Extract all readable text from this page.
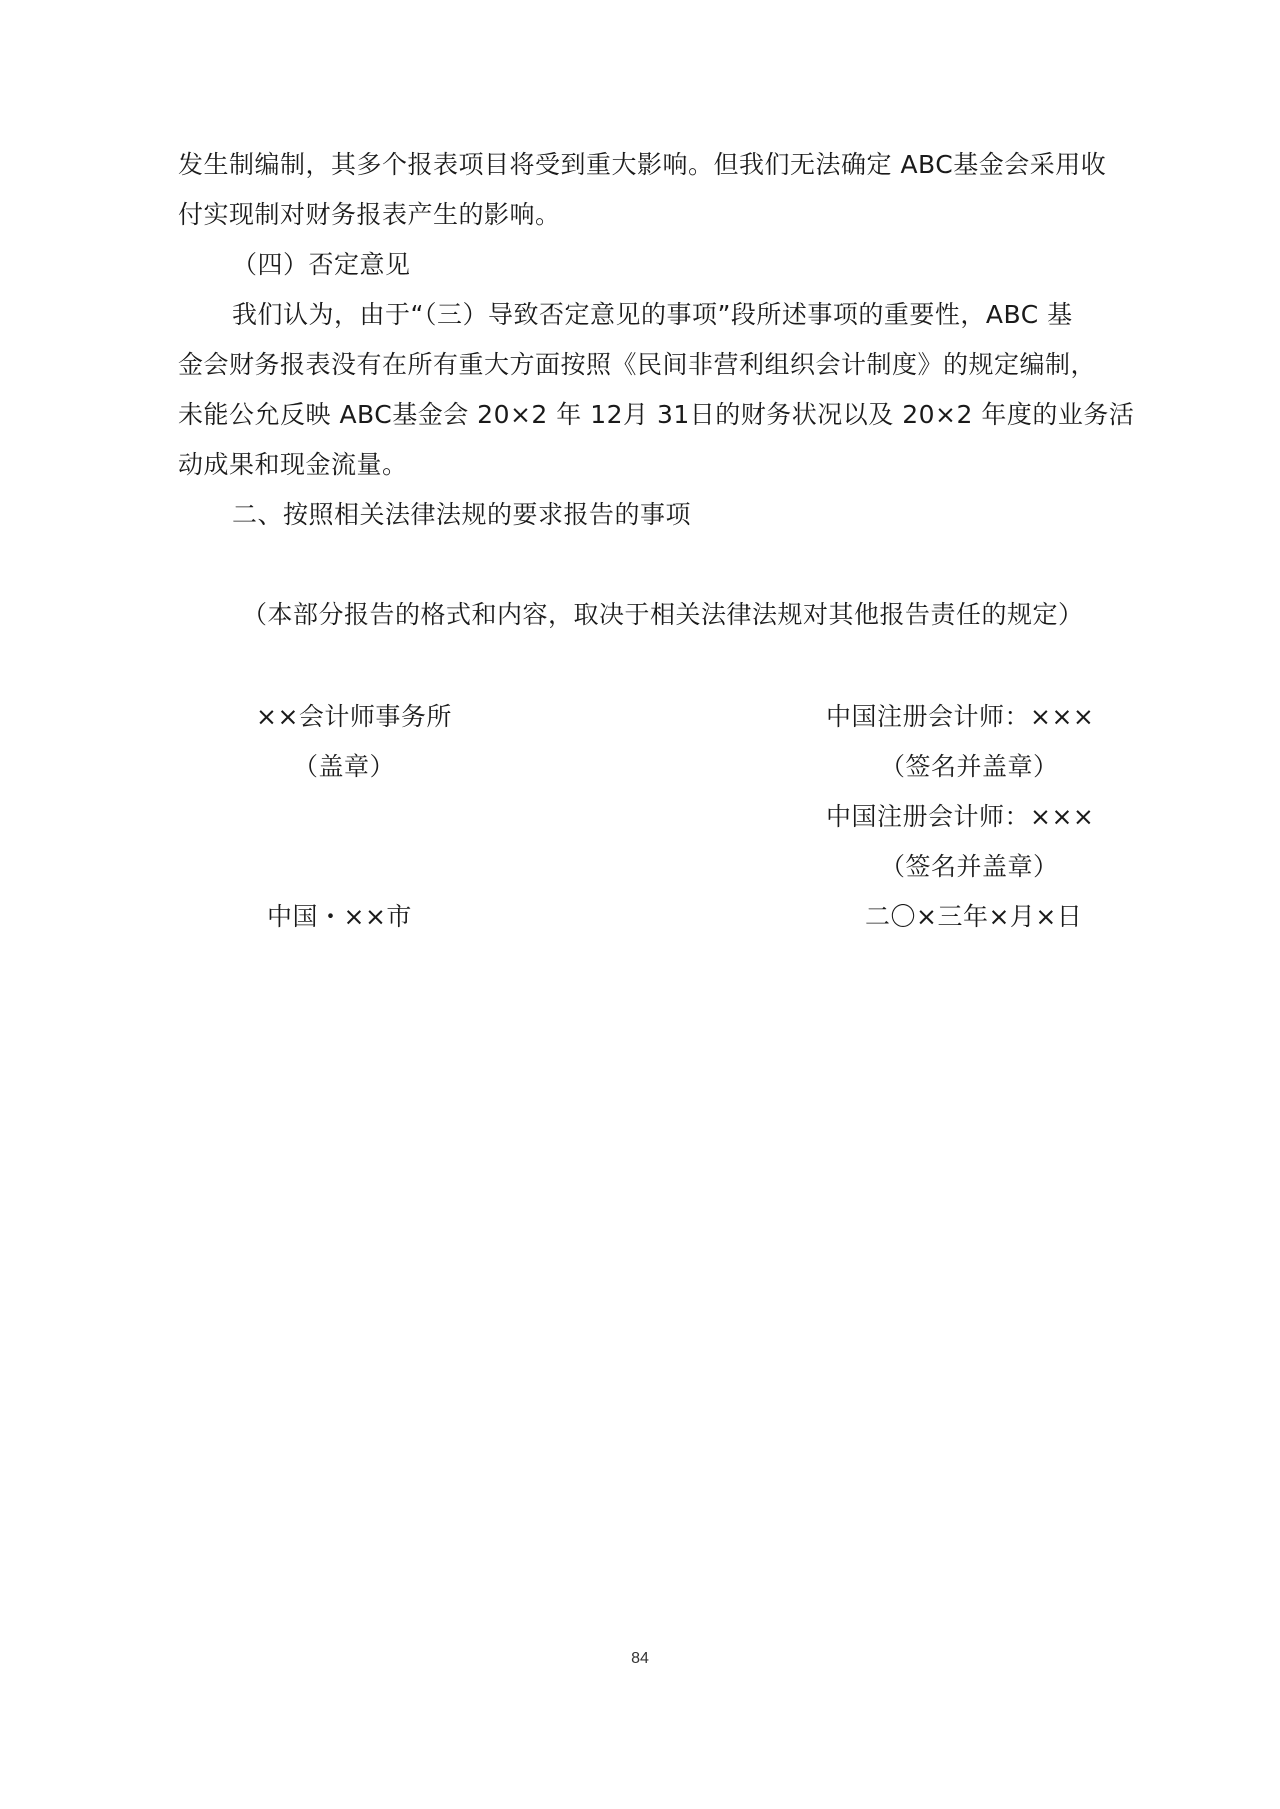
发生制编制，其多个报表项目将受到重大影响。但我们无法确定 ABC基金会采用收
付实现制对财务报表产生的影响。
（四）否定意见
我们认为，由于“（三）导致否定意见的事项”段所述事项的重要性，ABC 基
金会财务报表没有在所有重大方面按照《民间非营利组织会计制度》的规定编制，
未能公允反映 ABC基金会 20×2 年 12月 31日的财务状况以及 20×2 年度的业务活
动成果和现金流量。
二、按照相关法律法规的要求报告的事项
（本部分报告的格式和内容，取决于相关法律法规对其他报告责任的规定）
××会计师事务所
（盖章）
中国注册会计师：×××
（签名并盖章）
中国注册会计师：×××
（签名并盖章）
中国・××市	二〇×三年×月×日
84
